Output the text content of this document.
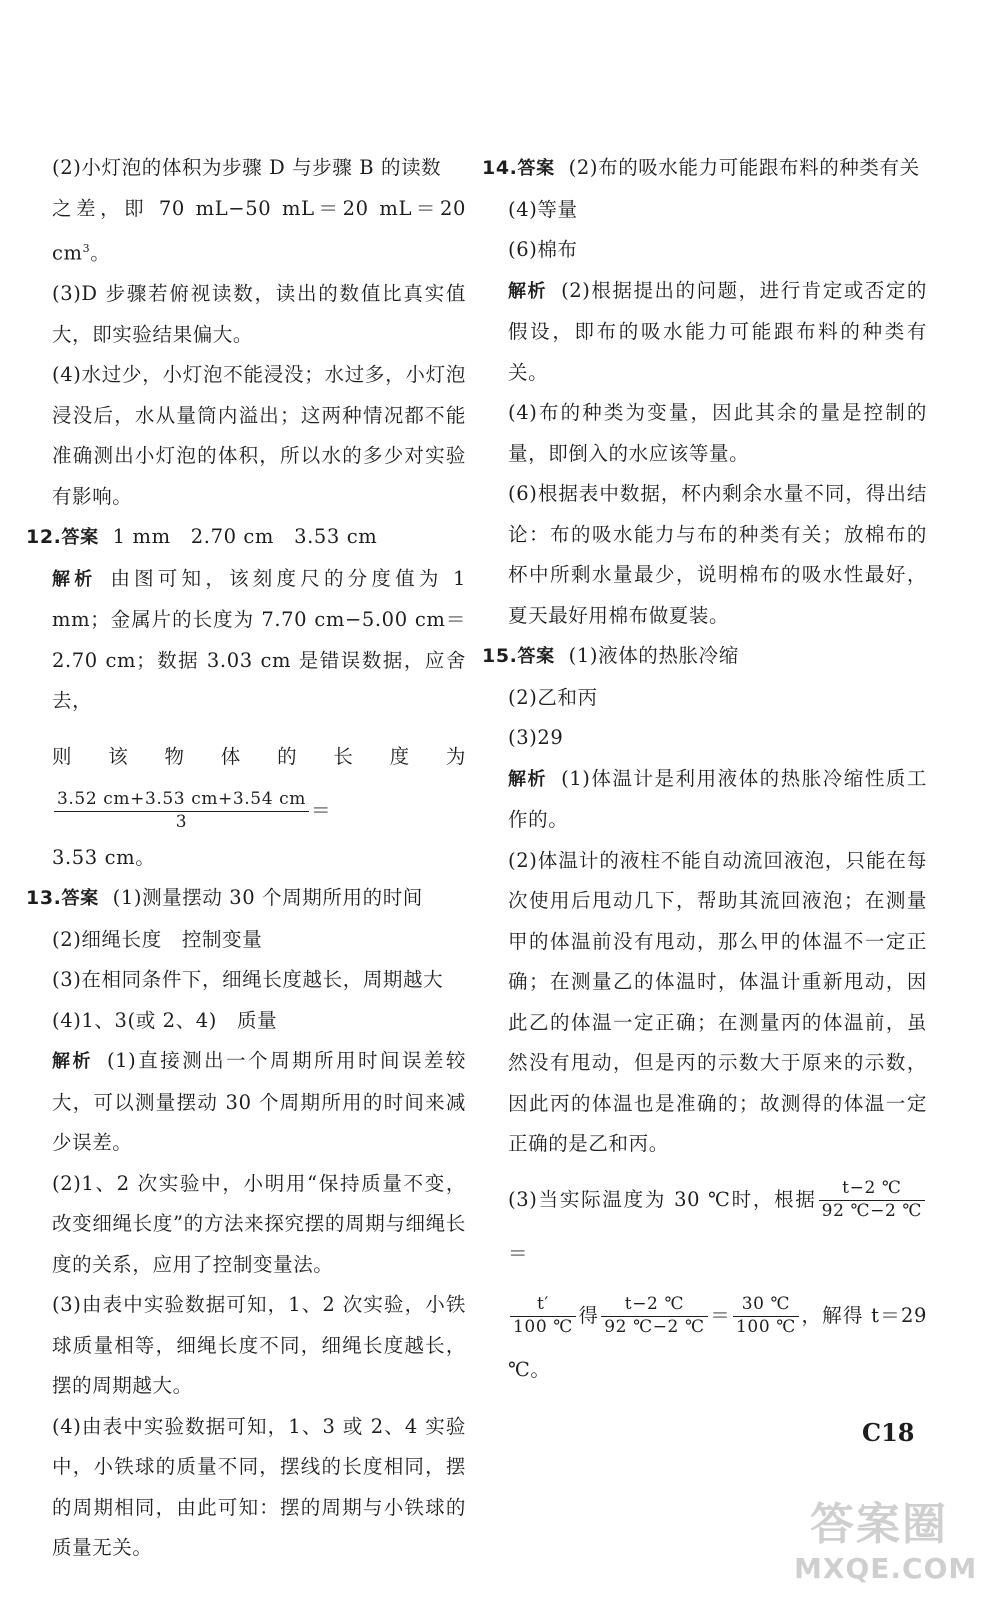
(2)小灯泡的体积为步骤 D 与步骤 B 的读数
之差，即 70 mL−50 mL＝20 mL＝20 $cm^3$。

(3)D 步骤若俯视读数，读出的数值比真实值大，即实验结果偏大。

(4)水过少，小灯泡不能浸没；水过多，小灯泡浸没后，水从量筒内溢出；这两种情况都不能准确测出小灯泡的体积，所以水的多少对实验有影响。

12.答案 1 mm　2.70 cm　3.53 cm

解析 由图可知，该刻度尺的分度值为 1 mm；金属片的长度为 7.70 cm−5.00 cm＝2.70 cm；数据 3.03 cm 是错误数据，应舍去，

则该物体的长度为
$\frac{3.52 cm+3.53 cm+3.54 cm}{3}$ ＝

3.53 cm。

13.答案 (1)测量摆动 30 个周期所用的时间

(2)细绳长度　控制变量

(3)在相同条件下，细绳长度越长，周期越大

(4)1、3(或 2、4)　质量

解析 (1)直接测出一个周期所用时间误差较大，可以测量摆动 30 个周期所用的时间来减少误差。

(2)1、2 次实验中，小明用“保持质量不变，改变细绳长度”的方法来探究摆的周期与细绳长度的关系，应用了控制变量法。

(3)由表中实验数据可知，1、2 次实验，小铁球质量相等，细绳长度不同，细绳长度越长，摆的周期越大。

(4)由表中实验数据可知，1、3 或 2、4 实验中，小铁球的质量不同，摆线的长度相同，摆的周期相同，由此可知：摆的周期与小铁球的质量无关。

14.答案 (2)布的吸水能力可能跟布料的种类有关

(4)等量

(6)棉布

解析 (2)根据提出的问题，进行肯定或否定的假设，即布的吸水能力可能跟布料的种类有关。

(4)布的种类为变量，因此其余的量是控制的量，即倒入的水应该等量。

(6)根据表中数据，杯内剩余水量不同，得出结论：布的吸水能力与布的种类有关；放棉布的杯中所剩水量最少，说明棉布的吸水性最好，夏天最好用棉布做夏装。

15.答案 (1)液体的热胀冷缩

(2)乙和丙

(3)29

解析 (1)体温计是利用液体的热胀冷缩性质工作的。

(2)体温计的液柱不能自动流回液泡，只能在每次使用后甩动几下，帮助其流回液泡；在测量甲的体温前没有甩动，那么甲的体温不一定正确；在测量乙的体温时，体温计重新甩动，因此乙的体温一定正确；在测量丙的体温前，虽然没有甩动，但是丙的示数大于原来的示数，因此丙的体温也是准确的；故测得的体温一定正确的是乙和丙。

(3)当实际温度为 30 ℃时，根据 $\frac{t-2 ℃}{92 ℃-2 ℃}$
＝

$\frac{t'}{100 ℃}$ 得 $\frac{t-2 ℃}{92 ℃-2 ℃} = \frac{30 ℃}{100 ℃}$ ，解得 t＝29 ℃。

C18
答案圈
MXQE.COM
